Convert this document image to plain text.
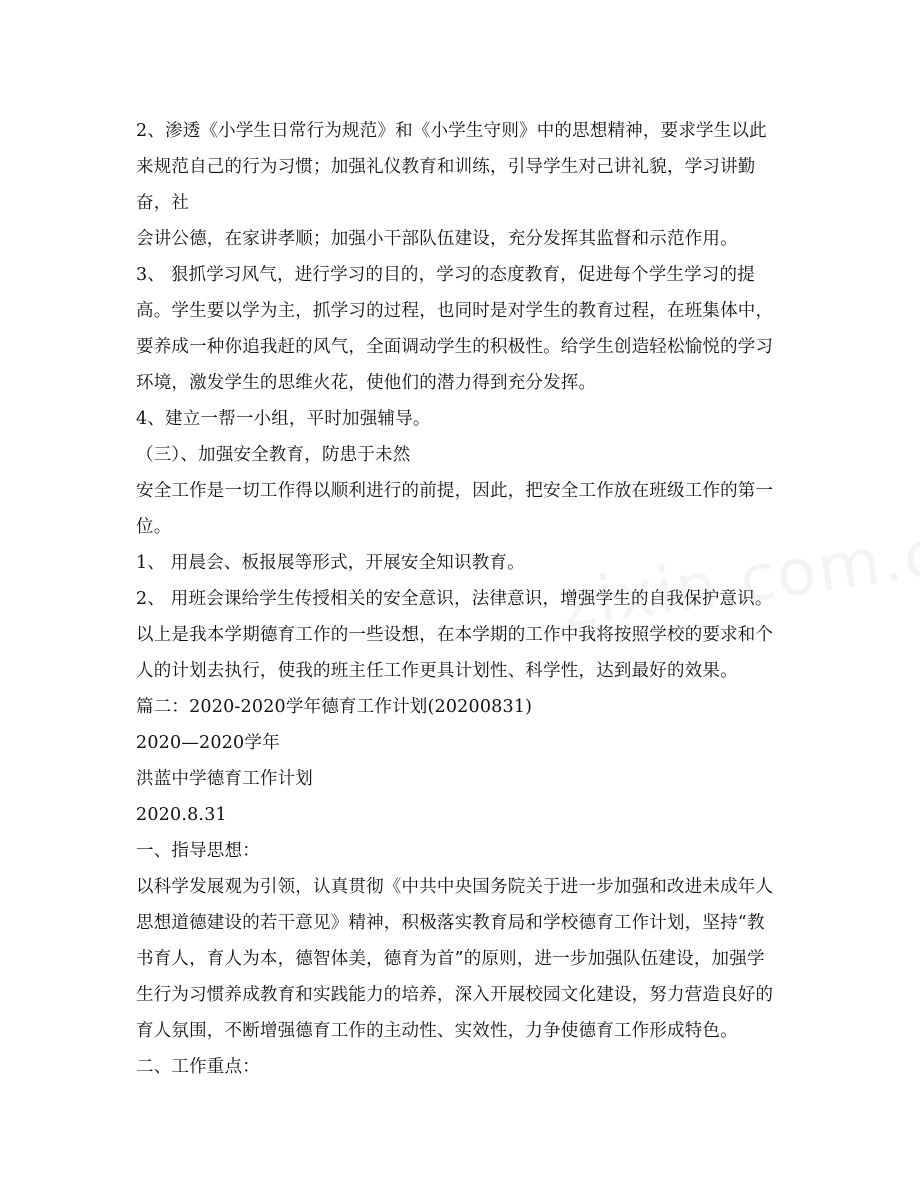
2、渗透《小学生日常行为规范》和《小学生守则》中的思想精神，要求学生以此
来规范自己的行为习惯；加强礼仪教育和训练，引导学生对己讲礼貌，学习讲勤
奋，社
会讲公德，在家讲孝顺；加强小干部队伍建设，充分发挥其监督和示范作用。
3、 狠抓学习风气，进行学习的目的，学习的态度教育，促进每个学生学习的提
高。学生要以学为主，抓学习的过程，也同时是对学生的教育过程，在班集体中，
要养成一种你追我赶的风气，全面调动学生的积极性。给学生创造轻松愉悦的学习
环境，激发学生的思维火花，使他们的潜力得到充分发挥。
4、建立一帮一小组，平时加强辅导。
（三）、加强安全教育，防患于未然
安全工作是一切工作得以顺利进行的前提，因此，把安全工作放在班级工作的第一
位。
1、 用晨会、板报展等形式，开展安全知识教育。
2、 用班会课给学生传授相关的安全意识，法律意识，增强学生的自我保护意识。
以上是我本学期德育工作的一些设想，在本学期的工作中我将按照学校的要求和个
人的计划去执行，使我的班主任工作更具计划性、科学性，达到最好的效果。
篇二：2020-2020学年德育工作计划(20200831)
2020—2020学年
洪蓝中学德育工作计划
2020.8.31
一、指导思想：
以科学发展观为引领，认真贯彻《中共中央国务院关于进一步加强和改进未成年人
思想道德建设的若干意见》精神，积极落实教育局和学校德育工作计划，坚持“教
书育人，育人为本，德智体美，德育为首”的原则，进一步加强队伍建设，加强学
生行为习惯养成教育和实践能力的培养，深入开展校园文化建设，努力营造良好的
育人氛围，不断增强德育工作的主动性、实效性，力争使德育工作形成特色。
二、工作重点：
